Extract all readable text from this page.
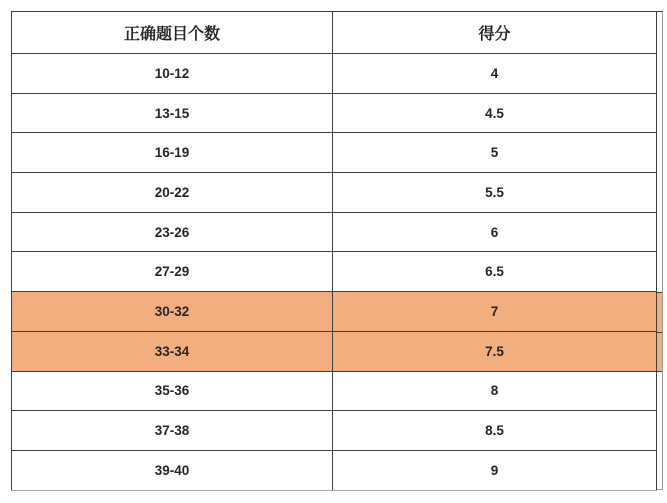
正确题目个数	得分
10-12	4
13-15	4.5
16-19	5
20-22	5.5
23-26	6
27-29	6.5
30-32	7
33-34	7.5
35-36	8
37-38	8.5
39-40	9
